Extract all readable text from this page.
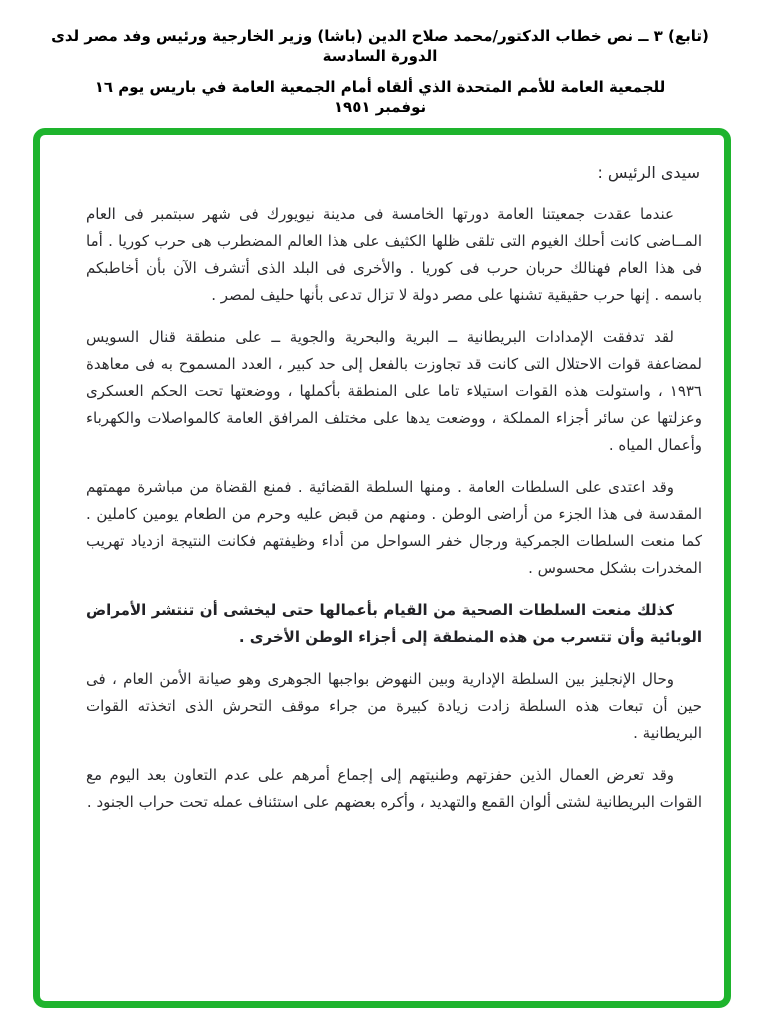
(تابع) ٣ ــ نص خطاب الدكتور/محمد صلاح الدين (باشا) وزير الخارجية ورئيس وفد مصر لدى الدورة السادسة
للجمعية العامة للأمم المتحدة الذي ألقاه أمام الجمعية العامة في باريس يوم ١٦ نوفمبر ١٩٥١

سيدى الرئيس :

عندما عقدت جمعيتنا العامة دورتها الخامسة فى مدينة نيويورك فى شهر سبتمبر فى العام المــاضى كانت أحلك الغيوم التى تلقى ظلها الكثيف على هذا العالم المضطرب هى حرب كوريا . أما فى هذا العام فهنالك حربان حرب فى كوريا . والأخرى فى البلد الذى أتشرف الآن بأن أخاطبكم باسمه . إنها حرب حقيقية تشنها على مصر دولة لا تزال تدعى بأنها حليف لمصر .

لقد تدفقت الإمدادات البريطانية ــ البرية والبحرية والجوية ــ على منطقة قنال السويس لمضاعفة قوات الاحتلال التى كانت قد تجاوزت بالفعل إلى حد كبير ، العدد المسموح به فى معاهدة ١٩٣٦ ، واستولت هذه القوات استيلاء تاما على المنطقة بأكملها ، ووضعتها تحت الحكم العسكرى وعزلتها عن سائر أجزاء المملكة ، ووضعت يدها على مختلف المرافق العامة كالمواصلات والكهرباء وأعمال المياه .

وقد اعتدى على السلطات العامة . ومنها السلطة القضائية . فمنع القضاة من مباشرة مهمتهم المقدسة فى هذا الجزء من أراضى الوطن . ومنهم من قبض عليه وحرم من الطعام يومين كاملين . كما منعت السلطات الجمركية ورجال خفر السواحل من أداء وظيفتهم فكانت النتيجة ازدياد تهريب المخدرات بشكل محسوس .

كذلك منعت السلطات الصحية من القيام بأعمالها حتى ليخشى أن تنتشر الأمراض الوبائية وأن تتسرب من هذه المنطقة إلى أجزاء الوطن الأخرى .

وحال الإنجليز بين السلطة الإدارية وبين النهوض بواجبها الجوهرى وهو صيانة الأمن العام ، فى حين أن تبعات هذه السلطة زادت زيادة كبيرة من جراء موقف التحرش الذى اتخذته القوات البريطانية .

وقد تعرض العمال الذين حفزتهم وطنيتهم إلى إجماع أمرهم على عدم التعاون بعد اليوم مع القوات البريطانية لشتى ألوان القمع والتهديد ، وأكره بعضهم على استئناف عمله تحت حراب الجنود .
